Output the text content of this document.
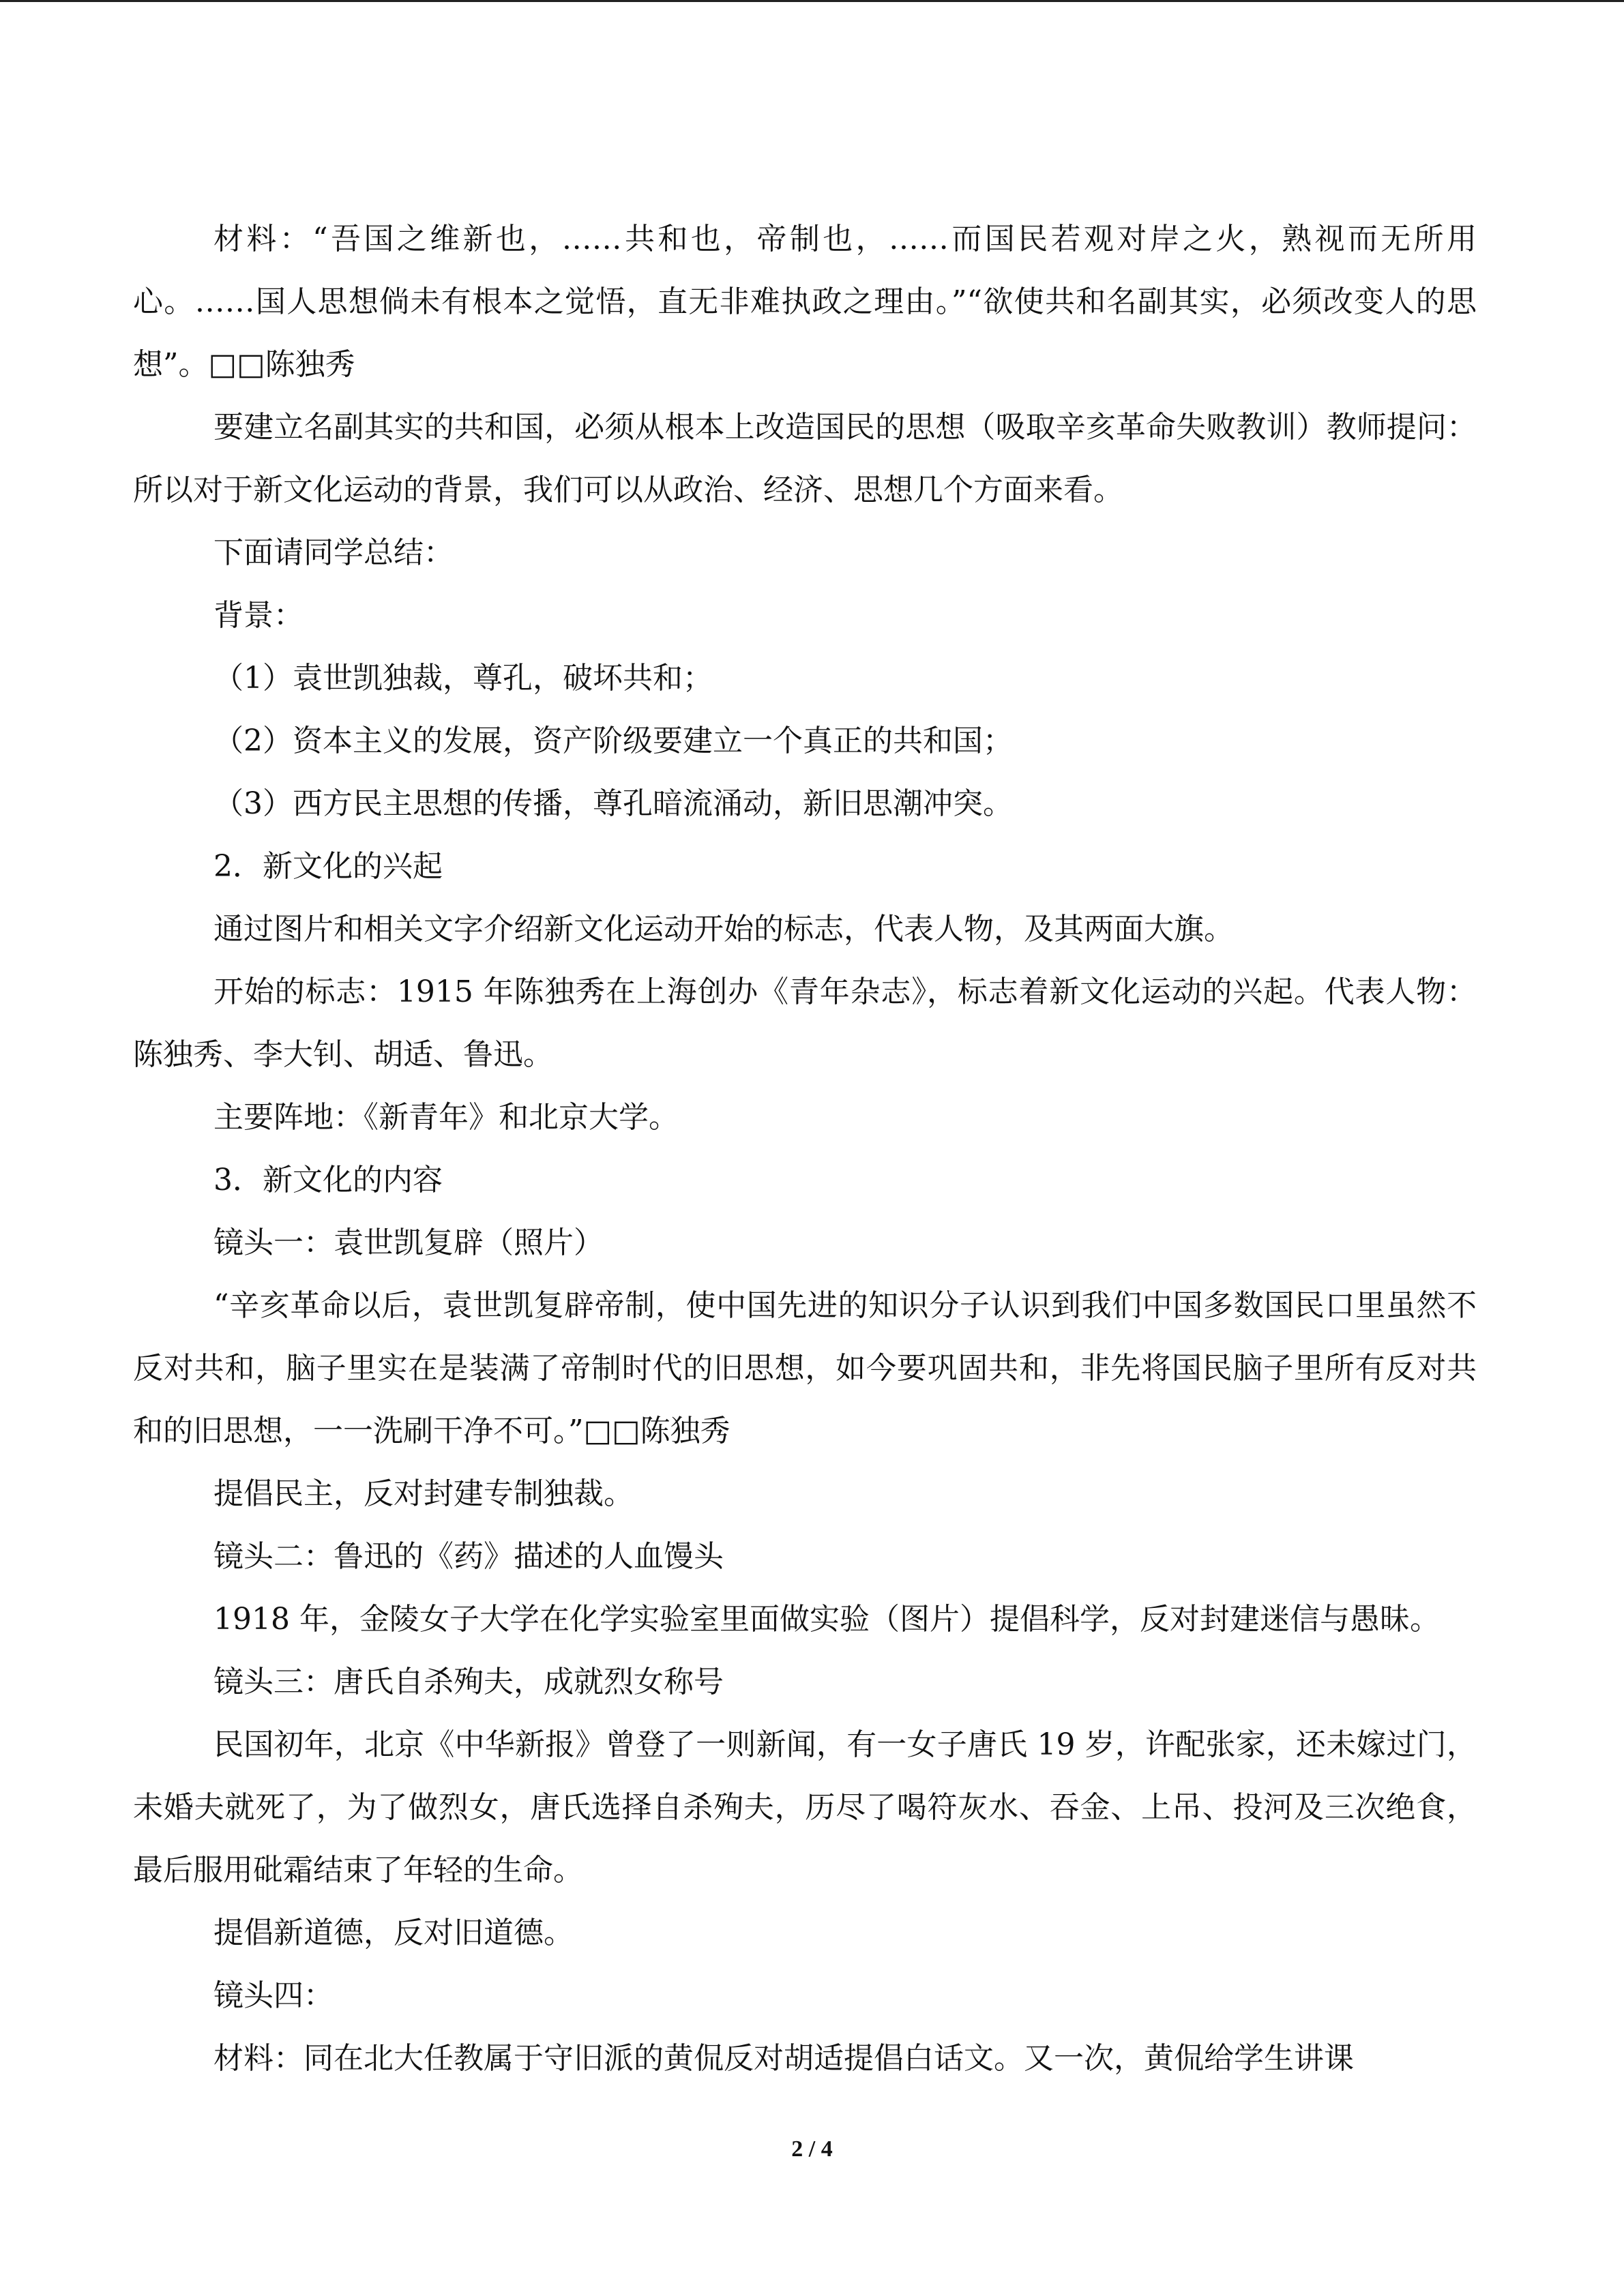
材料：“吾国之维新也，……共和也，帝制也，……而国民若观对岸之火，熟视而无所用心。……国人思想倘未有根本之觉悟，直无非难执政之理由。”“欲使共和名副其实，必须改变人的思想”。□□陈独秀

要建立名副其实的共和国，必须从根本上改造国民的思想（吸取辛亥革命失败教训）教师提问：所以对于新文化运动的背景，我们可以从政治、经济、思想几个方面来看。

下面请同学总结：

背景：

（1）袁世凯独裁，尊孔，破坏共和；

（2）资本主义的发展，资产阶级要建立一个真正的共和国；

（3）西方民主思想的传播，尊孔暗流涌动，新旧思潮冲突。

2．新文化的兴起

通过图片和相关文字介绍新文化运动开始的标志，代表人物，及其两面大旗。

开始的标志：1915 年陈独秀在上海创办《青年杂志》，标志着新文化运动的兴起。代表人物：陈独秀、李大钊、胡适、鲁迅。

主要阵地：《新青年》和北京大学。

3．新文化的内容

镜头一：袁世凯复辟（照片）

“辛亥革命以后，袁世凯复辟帝制，使中国先进的知识分子认识到我们中国多数国民口里虽然不反对共和，脑子里实在是装满了帝制时代的旧思想，如今要巩固共和，非先将国民脑子里所有反对共和的旧思想，一一洗刷干净不可。”□□陈独秀

提倡民主，反对封建专制独裁。

镜头二：鲁迅的《药》描述的人血馒头

1918 年，金陵女子大学在化学实验室里面做实验（图片）提倡科学，反对封建迷信与愚昧。

镜头三：唐氏自杀殉夫，成就烈女称号

民国初年，北京《中华新报》曾登了一则新闻，有一女子唐氏 19 岁，许配张家，还未嫁过门，未婚夫就死了，为了做烈女，唐氏选择自杀殉夫，历尽了喝符灰水、吞金、上吊、投河及三次绝食，最后服用砒霜结束了年轻的生命。

提倡新道德，反对旧道德。

镜头四：

材料：同在北大任教属于守旧派的黄侃反对胡适提倡白话文。又一次，黄侃给学生讲课

2 / 4
